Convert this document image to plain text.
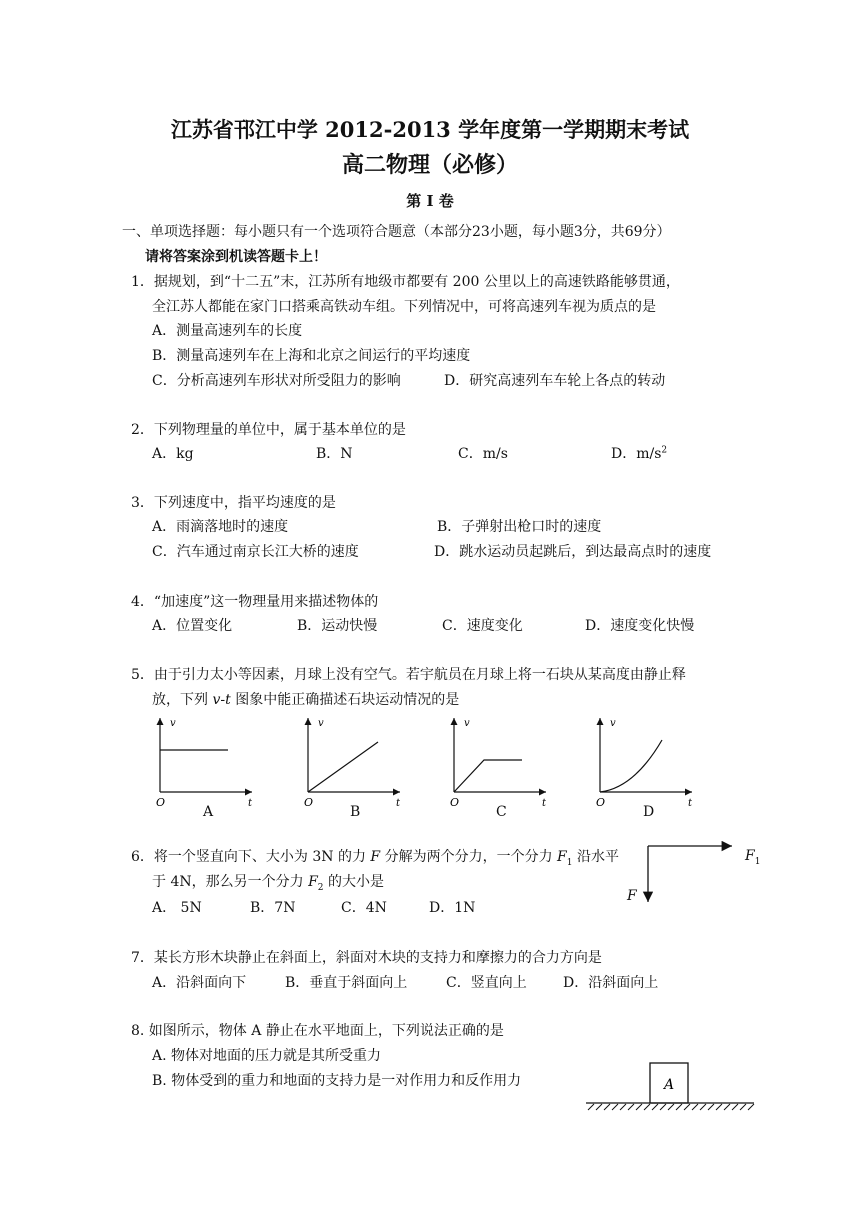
江苏省邗江中学 2012-2013 学年度第一学期期末考试
高二物理（必修）
第 Ⅰ 卷
一、单项选择题：每小题只有一个选项符合题意（本部分23小题，每小题3分，共69分）
请将答案涂到机读答题卡上！
1．据规划，到“十二五”末，江苏所有地级市都要有 200 公里以上的高速铁路能够贯通，
全江苏人都能在家门口搭乘高铁动车组。下列情况中，可将高速列车视为质点的是
A．测量高速列车的长度
B．测量高速列车在上海和北京之间运行的平均速度
C．分析高速列车形状对所受阻力的影响	D．研究高速列车车轮上各点的转动
2．下列物理量的单位中，属于基本单位的是
A．kg	B．N	C．m/s	D．$m/s^2$
3．下列速度中，指平均速度的是
A．雨滴落地时的速度	B．子弹射出枪口时的速度
C．汽车通过南京长江大桥的速度	D．跳水运动员起跳后，到达最高点时的速度
4．“加速度”这一物理量用来描述物体的
A．位置变化	B．运动快慢	C．速度变化	D．速度变化快慢
5．由于引力太小等因素，月球上没有空气。若宇航员在月球上将一石块从某高度由静止释
放，下列 v-t 图象中能正确描述石块运动情况的是
v
O	t
v
O	t
v
O	t
v
O	t
A	B	C	D
6．将一个竖直向下、大小为 3N 的力 F 分解为两个分力，一个分力 $F_1$ 沿水平
于 4N，那么另一个分力 $F_2$ 的大小是
A． 5N	B．7N	C．4N	D．1N
$F_1$
F
7．某长方形木块静止在斜面上，斜面对木块的支持力和摩擦力的合力方向是
A．沿斜面向下	B．垂直于斜面向上	C．竖直向上	D．沿斜面向上
8. 如图所示，物体 A 静止在水平地面上，下列说法正确的是
A. 物体对地面的压力就是其所受重力
B. 物体受到的重力和地面的支持力是一对作用力和反作用力	A
